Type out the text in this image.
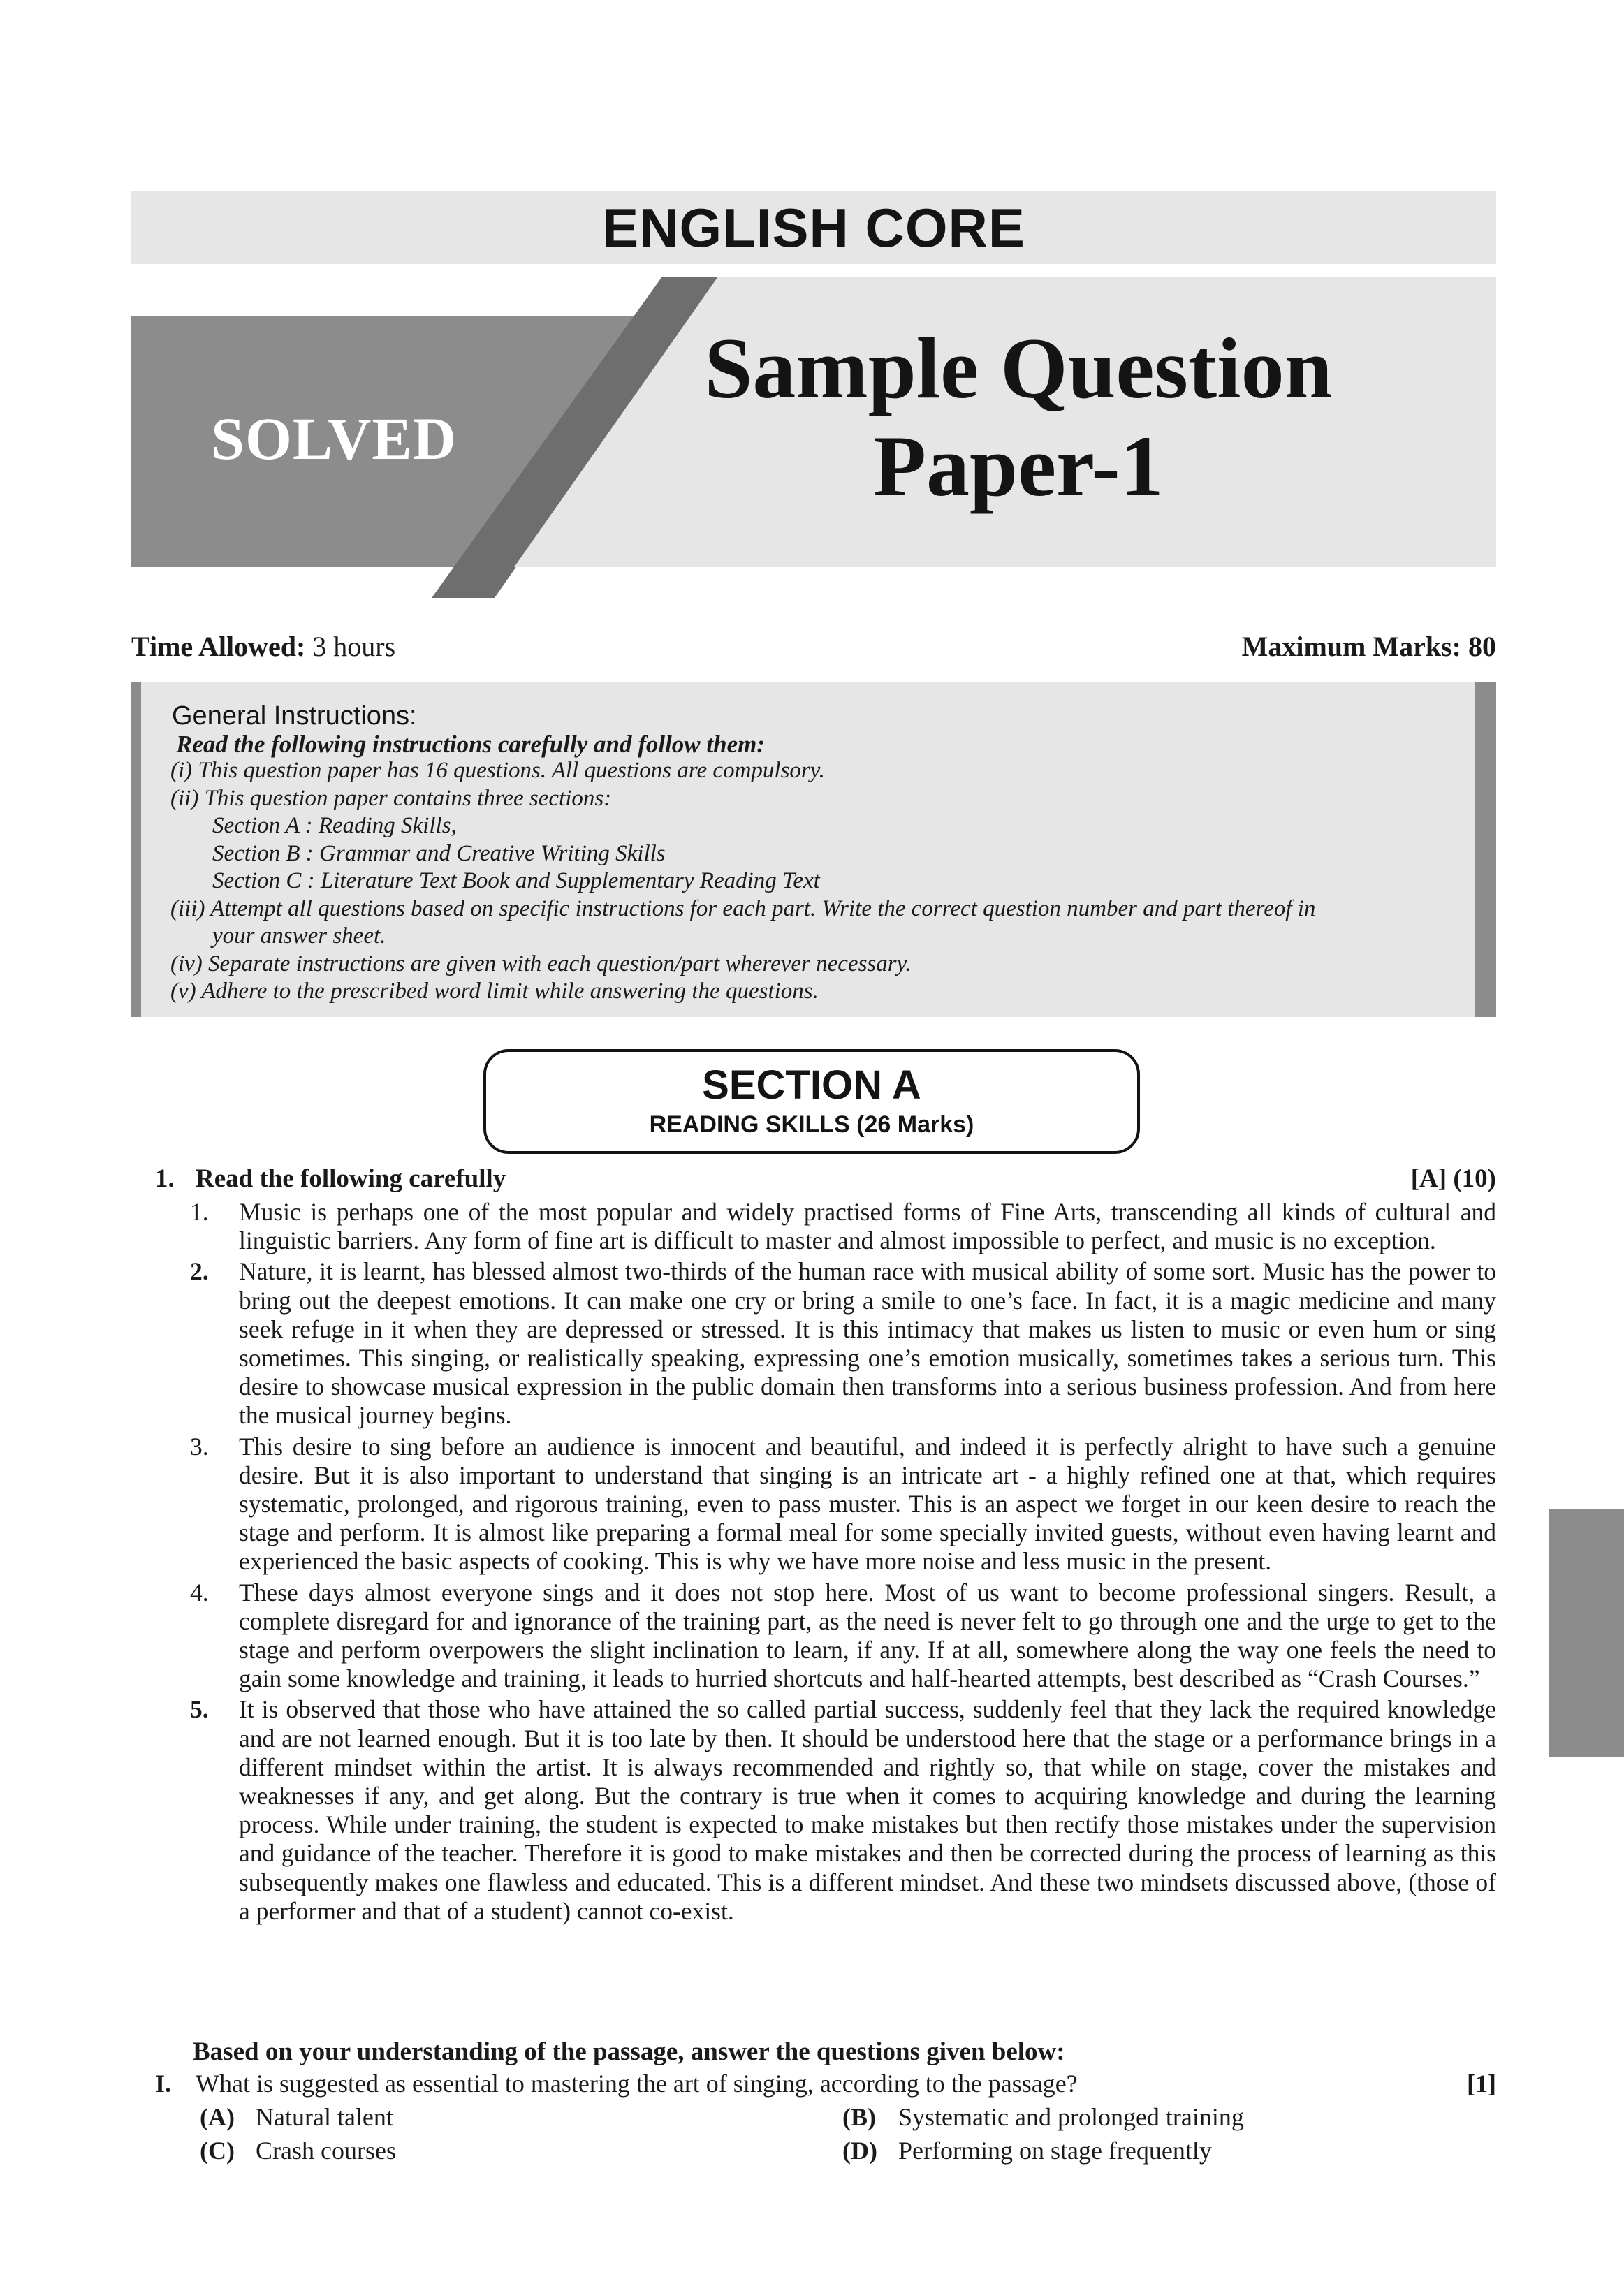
ENGLISH CORE
SOLVED
Sample Question
Paper-1
Time Allowed: 3 hours	Maximum Marks: 80
General Instructions:
Read the following instructions carefully and follow them:
(i) This question paper has 16 questions. All questions are compulsory.
(ii) This question paper contains three sections:
Section A : Reading Skills,
Section B : Grammar and Creative Writing Skills
Section C : Literature Text Book and Supplementary Reading Text
(iii) Attempt all questions based on specific instructions for each part. Write the correct question number and part thereof in
your answer sheet.
(iv) Separate instructions are given with each question/part wherever necessary.
(v) Adhere to the prescribed word limit while answering the questions.
SECTION A
READING SKILLS (26 Marks)
1. Read the following carefully	[A] (10)
1.	Music is perhaps one of the most popular and widely practised forms of Fine Arts, transcending all kinds of cultural and linguistic barriers. Any form of fine art is difficult to master and almost impossible to perfect, and music is no exception.
2.	Nature, it is learnt, has blessed almost two-thirds of the human race with musical ability of some sort. Music has the power to bring out the deepest emotions. It can make one cry or bring a smile to one’s face. In fact, it is a magic medicine and many seek refuge in it when they are depressed or stressed. It is this intimacy that makes us listen to music or even hum or sing sometimes. This singing, or realistically speaking, expressing one’s emotion musically, sometimes takes a serious turn. This desire to showcase musical expression in the public domain then transforms into a serious business profession. And from here the musical journey begins.
3.	This desire to sing before an audience is innocent and beautiful, and indeed it is perfectly alright to have such a genuine desire. But it is also important to understand that singing is an intricate art - a highly refined one at that, which requires systematic, prolonged, and rigorous training, even to pass muster. This is an aspect we forget in our keen desire to reach the stage and perform. It is almost like preparing a formal meal for some specially invited guests, without even having learnt and experienced the basic aspects of cooking. This is why we have more noise and less music in the present.
4.	These days almost everyone sings and it does not stop here. Most of us want to become professional singers. Result, a complete disregard for and ignorance of the training part, as the need is never felt to go through one and the urge to get to the stage and perform overpowers the slight inclination to learn, if any. If at all, somewhere along the way one feels the need to gain some knowledge and training, it leads to hurried shortcuts and half-hearted attempts, best described as “Crash Courses.”
5.	It is observed that those who have attained the so called partial success, suddenly feel that they lack the required knowledge and are not learned enough. But it is too late by then. It should be understood here that the stage or a performance brings in a different mindset within the artist. It is always recommended and rightly so, that while on stage, cover the mistakes and weaknesses if any, and get along. But the contrary is true when it comes to acquiring knowledge and during the learning process. While under training, the student is expected to make mistakes but then rectify those mistakes under the supervision and guidance of the teacher. Therefore it is good to make mistakes and then be corrected during the process of learning as this subsequently makes one flawless and educated. This is a different mindset. And these two mindsets discussed above, (those of a performer and that of a student) cannot co-exist.
Based on your understanding of the passage, answer the questions given below:
I. What is suggested as essential to mastering the art of singing, according to the passage?	[1]
(A) Natural talent	(B) Systematic and prolonged training
(C) Crash courses	(D) Performing on stage frequently
